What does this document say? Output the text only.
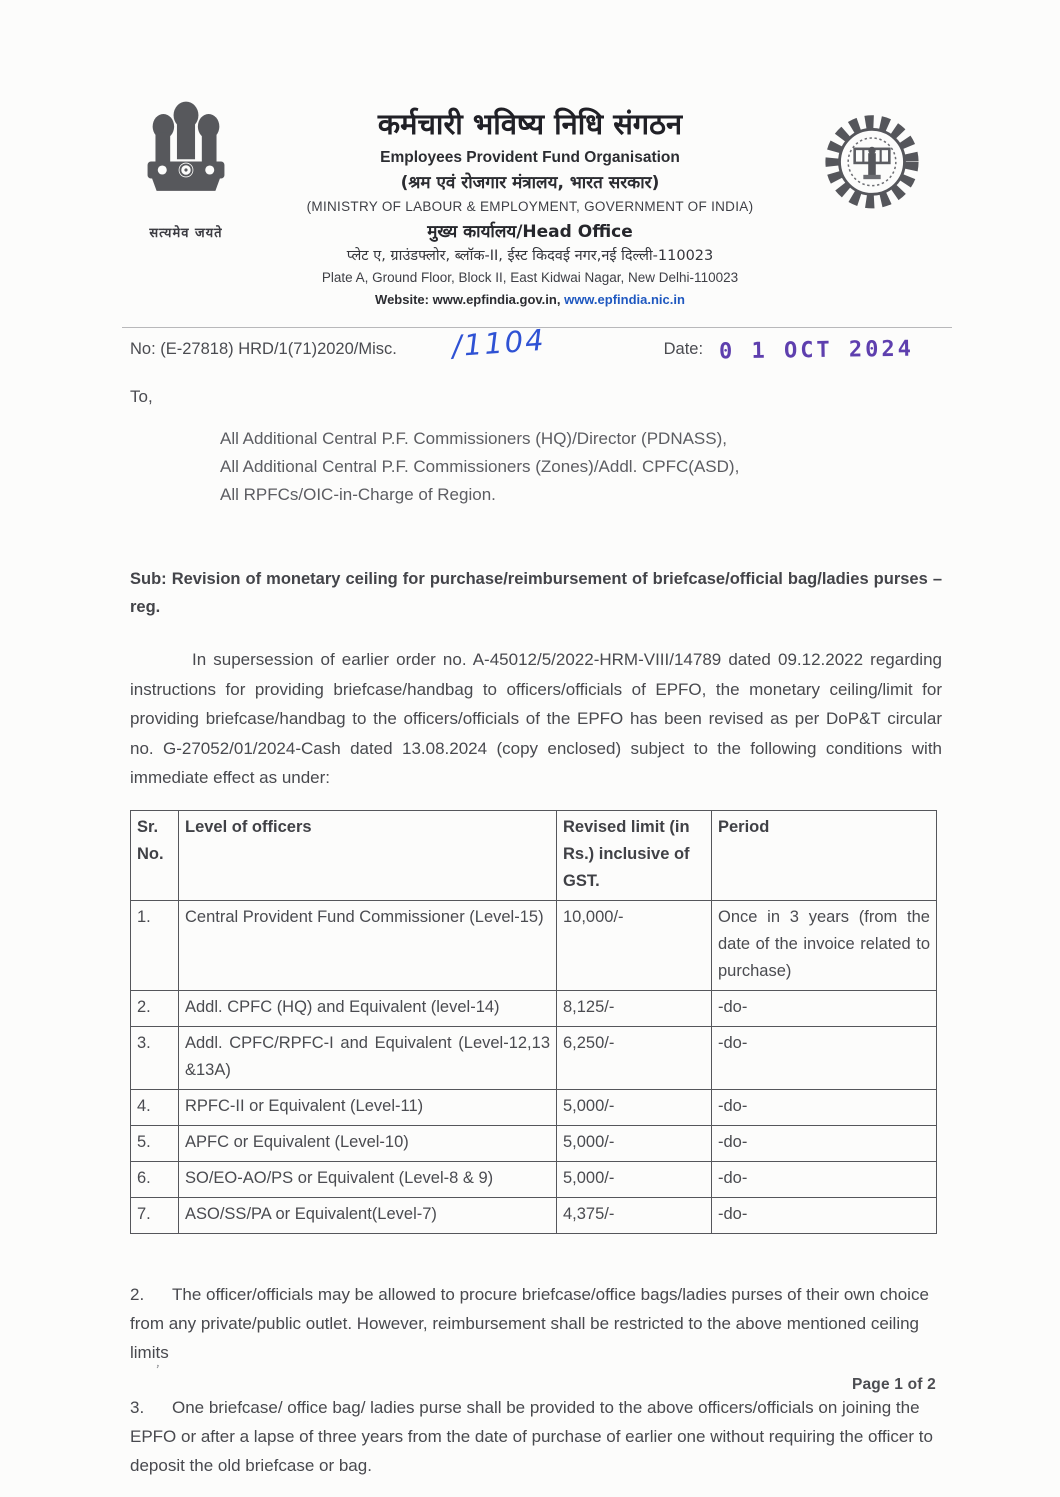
सत्यमेव जयते
कर्मचारी भविष्य निधि संगठन
Employees Provident Fund Organisation
(श्रम एवं रोजगार मंत्रालय, भारत सरकार)
(MINISTRY OF LABOUR & EMPLOYMENT, GOVERNMENT OF INDIA)
मुख्य कार्यालय/Head Office
प्लेट ए, ग्राउंडफ्लोर, ब्लॉक-II, ईस्ट किदवई नगर,नई दिल्ली-110023
Plate A, Ground Floor, Block II, East Kidwai Nagar, New Delhi-110023
Website: www.epfindia.gov.in, www.epfindia.nic.in
No: (E-27818) HRD/1(71)2020/Misc. /1104	Date: 0 1 OCT 2024
To,
All Additional Central P.F. Commissioners (HQ)/Director (PDNASS),
All Additional Central P.F. Commissioners (Zones)/Addl. CPFC(ASD),
All RPFCs/OIC-in-Charge of Region.
Sub: Revision of monetary ceiling for purchase/reimbursement of briefcase/official bag/ladies purses – reg.
In supersession of earlier order no. A-45012/5/2022-HRM-VIII/14789 dated 09.12.2022 regarding instructions for providing briefcase/handbag to officers/officials of EPFO, the monetary ceiling/limit for providing briefcase/handbag to the officers/officials of the EPFO has been revised as per DoP&T circular no. G-27052/01/2024-Cash dated 13.08.2024 (copy enclosed) subject to the following conditions with immediate effect as under:
Sr. No.	Level of officers	Revised limit (in Rs.) inclusive of GST.	Period
1.	Central Provident Fund Commissioner (Level-15)	10,000/-	Once in 3 years (from the date of the invoice related to purchase)
2.	Addl. CPFC (HQ) and Equivalent (level-14)	8,125/-	-do-
3.	Addl. CPFC/RPFC-I and Equivalent (Level-12,13 &13A)	6,250/-	-do-
4.	RPFC-II or Equivalent (Level-11)	5,000/-	-do-
5.	APFC or Equivalent (Level-10)	5,000/-	-do-
6.	SO/EO-AO/PS or Equivalent (Level-8 & 9)	5,000/-	-do-
7.	ASO/SS/PA or Equivalent(Level-7)	4,375/-	-do-
2. The officer/officials may be allowed to procure briefcase/office bags/ladies purses of their own choice from any private/public outlet. However, reimbursement shall be restricted to the above mentioned ceiling limits
3. One briefcase/ office bag/ ladies purse shall be provided to the above officers/officials on joining the EPFO or after a lapse of three years from the date of purchase of earlier one without requiring the officer to deposit the old briefcase or bag.
’
Page 1 of 2
